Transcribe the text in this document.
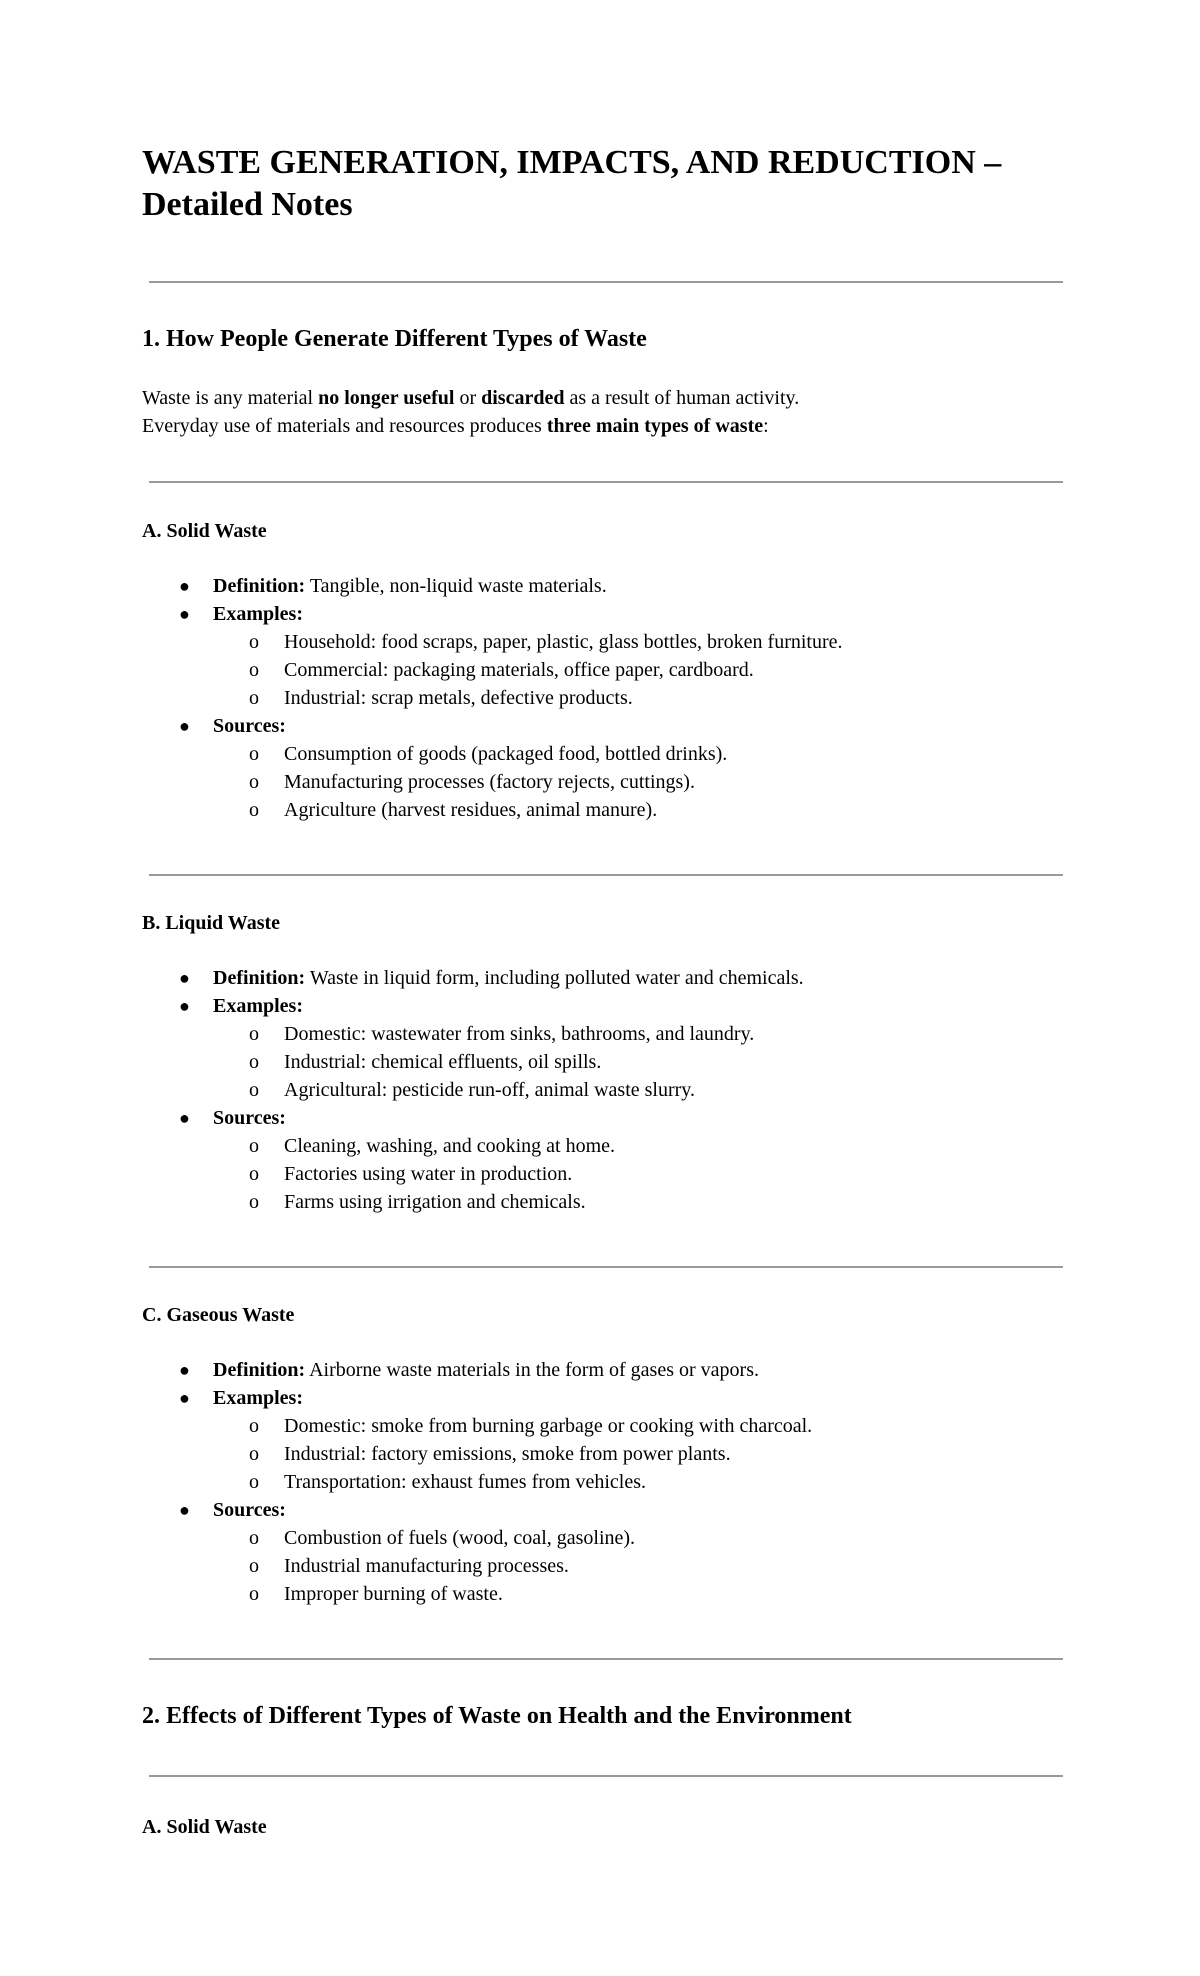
WASTE GENERATION, IMPACTS, AND REDUCTION –
Detailed Notes
1. How People Generate Different Types of Waste

Waste is any material no longer useful or discarded as a result of human activity.
Everyday use of materials and resources produces three main types of waste:

A. Solid Waste
● Definition: Tangible, non-liquid waste materials.
● Examples:
o Household: food scraps, paper, plastic, glass bottles, broken furniture.
o Commercial: packaging materials, office paper, cardboard.
o Industrial: scrap metals, defective products.
● Sources:
o Consumption of goods (packaged food, bottled drinks).
o Manufacturing processes (factory rejects, cuttings).
o Agriculture (harvest residues, animal manure).
B. Liquid Waste
● Definition: Waste in liquid form, including polluted water and chemicals.
● Examples:
o Domestic: wastewater from sinks, bathrooms, and laundry.
o Industrial: chemical effluents, oil spills.
o Agricultural: pesticide run-off, animal waste slurry.
● Sources:
o Cleaning, washing, and cooking at home.
o Factories using water in production.
o Farms using irrigation and chemicals.
C. Gaseous Waste
● Definition: Airborne waste materials in the form of gases or vapors.
● Examples:
o Domestic: smoke from burning garbage or cooking with charcoal.
o Industrial: factory emissions, smoke from power plants.
o Transportation: exhaust fumes from vehicles.
● Sources:
o Combustion of fuels (wood, coal, gasoline).
o Industrial manufacturing processes.
o Improper burning of waste.
2. Effects of Different Types of Waste on Health and the Environment
A. Solid Waste
